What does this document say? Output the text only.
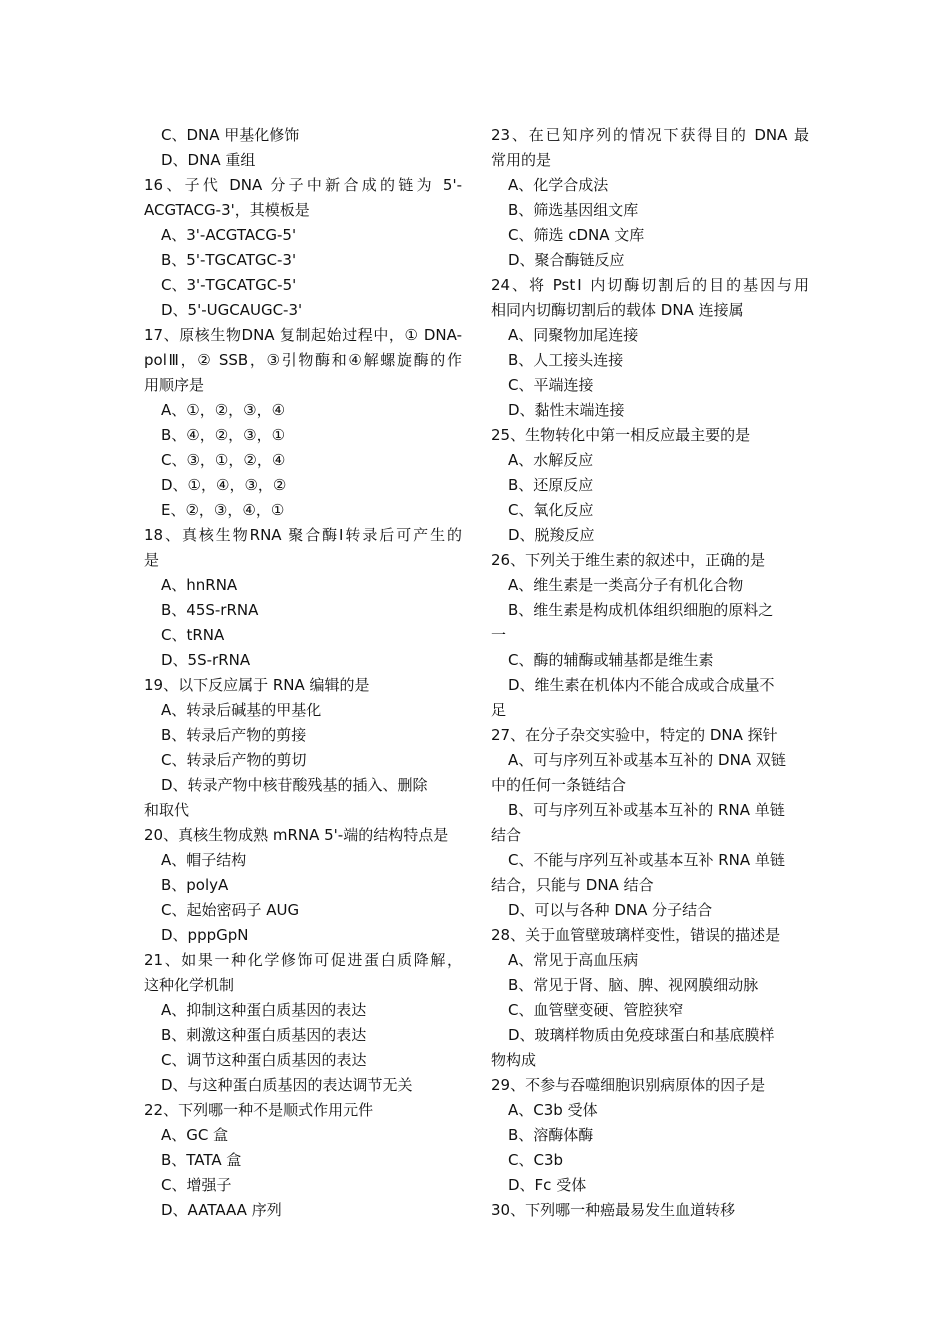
C、DNA 甲基化修饰
D、DNA 重组
16、子代 DNA 分子中新合成的链为 5'-
ACGTACG-3'，其模板是
A、3'-ACGTACG-5'
B、5'-TGCATGC-3'
C、3'-TGCATGC-5'
D、5'-UGCAUGC-3'
17、原核生物DNA 复制起始过程中，① DNA-
polⅢ，② SSB，③引物酶和④解螺旋酶的作
用顺序是
A、①，②，③，④
B、④，②，③，①
C、③，①，②，④
D、①，④，③，②
E、②，③，④，①
18、真核生物RNA 聚合酶Ⅰ转录后可产生的
是
A、hnRNA
B、45S-rRNA
C、tRNA
D、5S-rRNA
19、以下反应属于 RNA 编辑的是
A、转录后碱基的甲基化
B、转录后产物的剪接
C、转录后产物的剪切
D、转录产物中核苷酸残基的插入、删除
和取代
20、真核生物成熟 mRNA 5'-端的结构特点是
A、帽子结构
B、polyA
C、起始密码子 AUG
D、pppGpN
21、如果一种化学修饰可促进蛋白质降解，
这种化学机制
A、抑制这种蛋白质基因的表达
B、刺激这种蛋白质基因的表达
C、调节这种蛋白质基因的表达
D、与这种蛋白质基因的表达调节无关
22、下列哪一种不是顺式作用元件
A、GC 盒
B、TATA 盒
C、增强子
D、AATAAA 序列
23、在已知序列的情况下获得目的 DNA 最
常用的是
A、化学合成法
B、筛选基因组文库
C、筛选 cDNA 文库
D、聚合酶链反应
24、将 PstⅠ 内切酶切割后的目的基因与用
相同内切酶切割后的载体 DNA 连接属
A、同聚物加尾连接
B、人工接头连接
C、平端连接
D、黏性末端连接
25、生物转化中第一相反应最主要的是
A、水解反应
B、还原反应
C、氧化反应
D、脱羧反应
26、下列关于维生素的叙述中，正确的是
A、维生素是一类高分子有机化合物
B、维生素是构成机体组织细胞的原料之
一
C、酶的辅酶或辅基都是维生素
D、维生素在机体内不能合成或合成量不
足
27、在分子杂交实验中，特定的 DNA 探针
A、可与序列互补或基本互补的 DNA 双链
中的任何一条链结合
B、可与序列互补或基本互补的 RNA 单链
结合
C、不能与序列互补或基本互补 RNA 单链
结合，只能与 DNA 结合
D、可以与各种 DNA 分子结合
28、关于血管壁玻璃样变性，错误的描述是
A、常见于高血压病
B、常见于肾、脑、脾、视网膜细动脉
C、血管壁变硬、管腔狭窄
D、玻璃样物质由免疫球蛋白和基底膜样
物构成
29、不参与吞噬细胞识别病原体的因子是
A、C3b 受体
B、溶酶体酶
C、C3b
D、Fc 受体
30、下列哪一种癌最易发生血道转移
